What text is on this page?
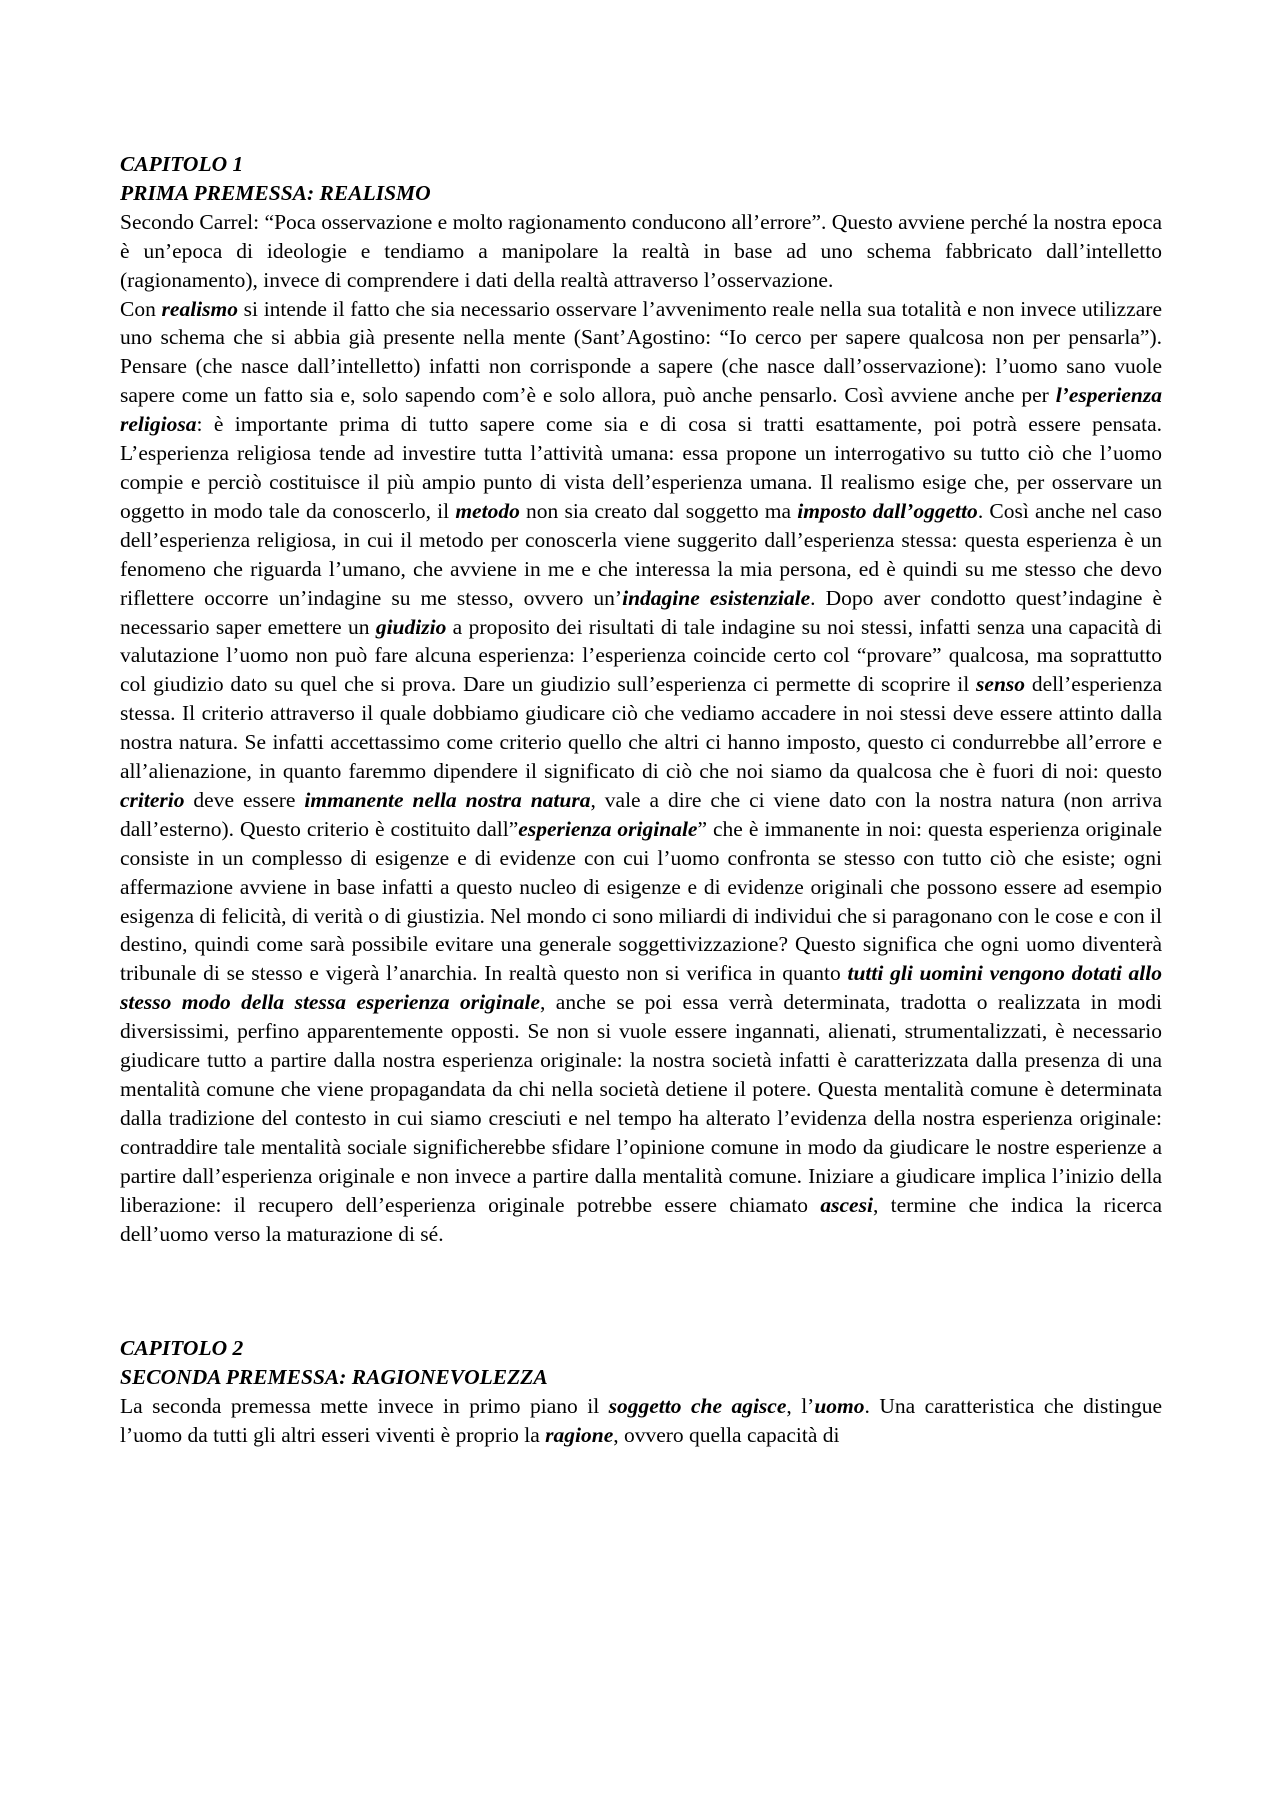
CAPITOLO 1

PRIMA PREMESSA: REALISMO

Secondo Carrel: “Poca osservazione e molto ragionamento conducono all’errore”. Questo avviene perché la nostra epoca è un’epoca di ideologie e tendiamo a manipolare la realtà in base ad uno schema fabbricato dall’intelletto (ragionamento), invece di comprendere i dati della realtà attraverso l’osservazione.

Con realismo si intende il fatto che sia necessario osservare l’avvenimento reale nella sua totalità e non invece utilizzare uno schema che si abbia già presente nella mente (Sant’Agostino: “Io cerco per sapere qualcosa non per pensarla”). Pensare (che nasce dall’intelletto) infatti non corrisponde a sapere (che nasce dall’osservazione): l’uomo sano vuole sapere come un fatto sia e, solo sapendo com’è e solo allora, può anche pensarlo. Così avviene anche per l’esperienza religiosa: è importante prima di tutto sapere come sia e di cosa si tratti esattamente, poi potrà essere pensata. L’esperienza religiosa tende ad investire tutta l’attività umana: essa propone un interrogativo su tutto ciò che l’uomo compie e perciò costituisce il più ampio punto di vista dell’esperienza umana. Il realismo esige che, per osservare un oggetto in modo tale da conoscerlo, il metodo non sia creato dal soggetto ma imposto dall’oggetto. Così anche nel caso dell’esperienza religiosa, in cui il metodo per conoscerla viene suggerito dall’esperienza stessa: questa esperienza è un fenomeno che riguarda l’umano, che avviene in me e che interessa la mia persona, ed è quindi su me stesso che devo riflettere occorre un’indagine su me stesso, ovvero un’indagine esistenziale. Dopo aver condotto quest’indagine è necessario saper emettere un giudizio a proposito dei risultati di tale indagine su noi stessi, infatti senza una capacità di valutazione l’uomo non può fare alcuna esperienza: l’esperienza coincide certo col “provare” qualcosa, ma soprattutto col giudizio dato su quel che si prova. Dare un giudizio sull’esperienza ci permette di scoprire il senso dell’esperienza stessa. Il criterio attraverso il quale dobbiamo giudicare ciò che vediamo accadere in noi stessi deve essere attinto dalla nostra natura. Se infatti accettassimo come criterio quello che altri ci hanno imposto, questo ci condurrebbe all’errore e all’alienazione, in quanto faremmo dipendere il significato di ciò che noi siamo da qualcosa che è fuori di noi: questo criterio deve essere immanente nella nostra natura, vale a dire che ci viene dato con la nostra natura (non arriva dall’esterno). Questo criterio è costituito dall”esperienza originale” che è immanente in noi: questa esperienza originale consiste in un complesso di esigenze e di evidenze con cui l’uomo confronta se stesso con tutto ciò che esiste; ogni affermazione avviene in base infatti a questo nucleo di esigenze e di evidenze originali che possono essere ad esempio esigenza di felicità, di verità o di giustizia. Nel mondo ci sono miliardi di individui che si paragonano con le cose e con il destino, quindi come sarà possibile evitare una generale soggettivizzazione? Questo significa che ogni uomo diventerà tribunale di se stesso e vigerà l’anarchia. In realtà questo non si verifica in quanto tutti gli uomini vengono dotati allo stesso modo della stessa esperienza originale, anche se poi essa verrà determinata, tradotta o realizzata in modi diversissimi, perfino apparentemente opposti. Se non si vuole essere ingannati, alienati, strumentalizzati, è necessario giudicare tutto a partire dalla nostra esperienza originale: la nostra società infatti è caratterizzata dalla presenza di una mentalità comune che viene propagandata da chi nella società detiene il potere. Questa mentalità comune è determinata dalla tradizione del contesto in cui siamo cresciuti e nel tempo ha alterato l’evidenza della nostra esperienza originale: contraddire tale mentalità sociale significherebbe sfidare l’opinione comune in modo da giudicare le nostre esperienze a partire dall’esperienza originale e non invece a partire dalla mentalità comune. Iniziare a giudicare implica l’inizio della liberazione: il recupero dell’esperienza originale potrebbe essere chiamato ascesi, termine che indica la ricerca dell’uomo verso la maturazione di sé.

CAPITOLO 2

SECONDA PREMESSA: RAGIONEVOLEZZA

La seconda premessa mette invece in primo piano il soggetto che agisce, l’uomo. Una caratteristica che distingue l’uomo da tutti gli altri esseri viventi è proprio la ragione, ovvero quella capacità di
